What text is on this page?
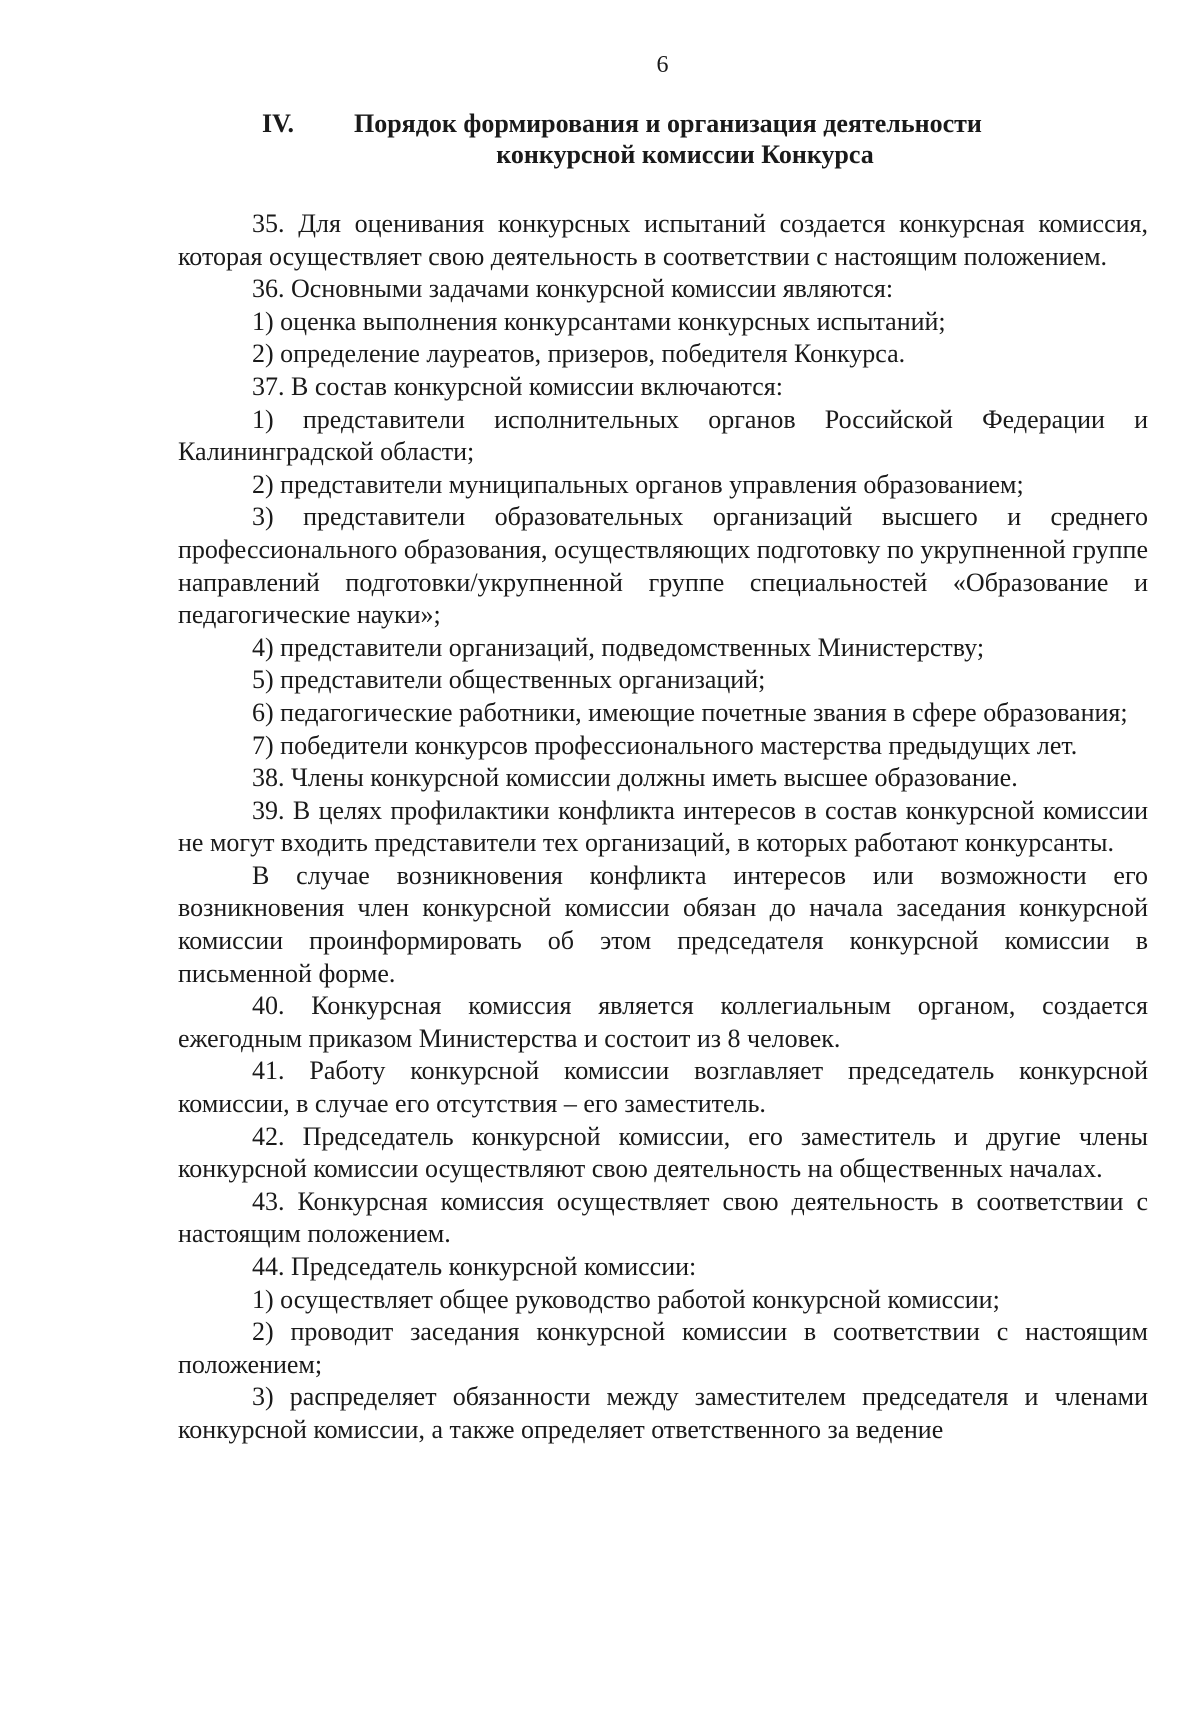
6
IV.	Порядок формирования и организация деятельности
конкурсной комиссии Конкурса

35. Для оценивания конкурсных испытаний создается конкурсная комиссия, которая осуществляет свою деятельность в соответствии с настоящим положением.

36. Основными задачами конкурсной комиссии являются:

1) оценка выполнения конкурсантами конкурсных испытаний;

2) определение лауреатов, призеров, победителя Конкурса.

37. В состав конкурсной комиссии включаются:

1) представители исполнительных органов Российской Федерации и Калининградской области;

2) представители муниципальных органов управления образованием;

3) представители образовательных организаций высшего и среднего профессионального образования, осуществляющих подготовку по укрупненной группе направлений подготовки/укрупненной группе специальностей «Образование и педагогические науки»;

4) представители организаций, подведомственных Министерству;

5) представители общественных организаций;

6) педагогические работники, имеющие почетные звания в сфере образования;

7) победители конкурсов профессионального мастерства предыдущих лет.

38. Члены конкурсной комиссии должны иметь высшее образование.

39. В целях профилактики конфликта интересов в состав конкурсной комиссии не могут входить представители тех организаций, в которых работают конкурсанты.

В случае возникновения конфликта интересов или возможности его возникновения член конкурсной комиссии обязан до начала заседания конкурсной комиссии проинформировать об этом председателя конкурсной комиссии в письменной форме.

40. Конкурсная комиссия является коллегиальным органом, создается ежегодным приказом Министерства и состоит из 8 человек.

41. Работу конкурсной комиссии возглавляет председатель конкурсной комиссии, в случае его отсутствия – его заместитель.

42. Председатель конкурсной комиссии, его заместитель и другие члены конкурсной комиссии осуществляют свою деятельность на общественных началах.

43. Конкурсная комиссия осуществляет свою деятельность в соответствии с настоящим положением.

44. Председатель конкурсной комиссии:

1) осуществляет общее руководство работой конкурсной комиссии;

2) проводит заседания конкурсной комиссии в соответствии с настоящим положением;

3) распределяет обязанности между заместителем председателя и членами конкурсной комиссии, а также определяет ответственного за ведение
